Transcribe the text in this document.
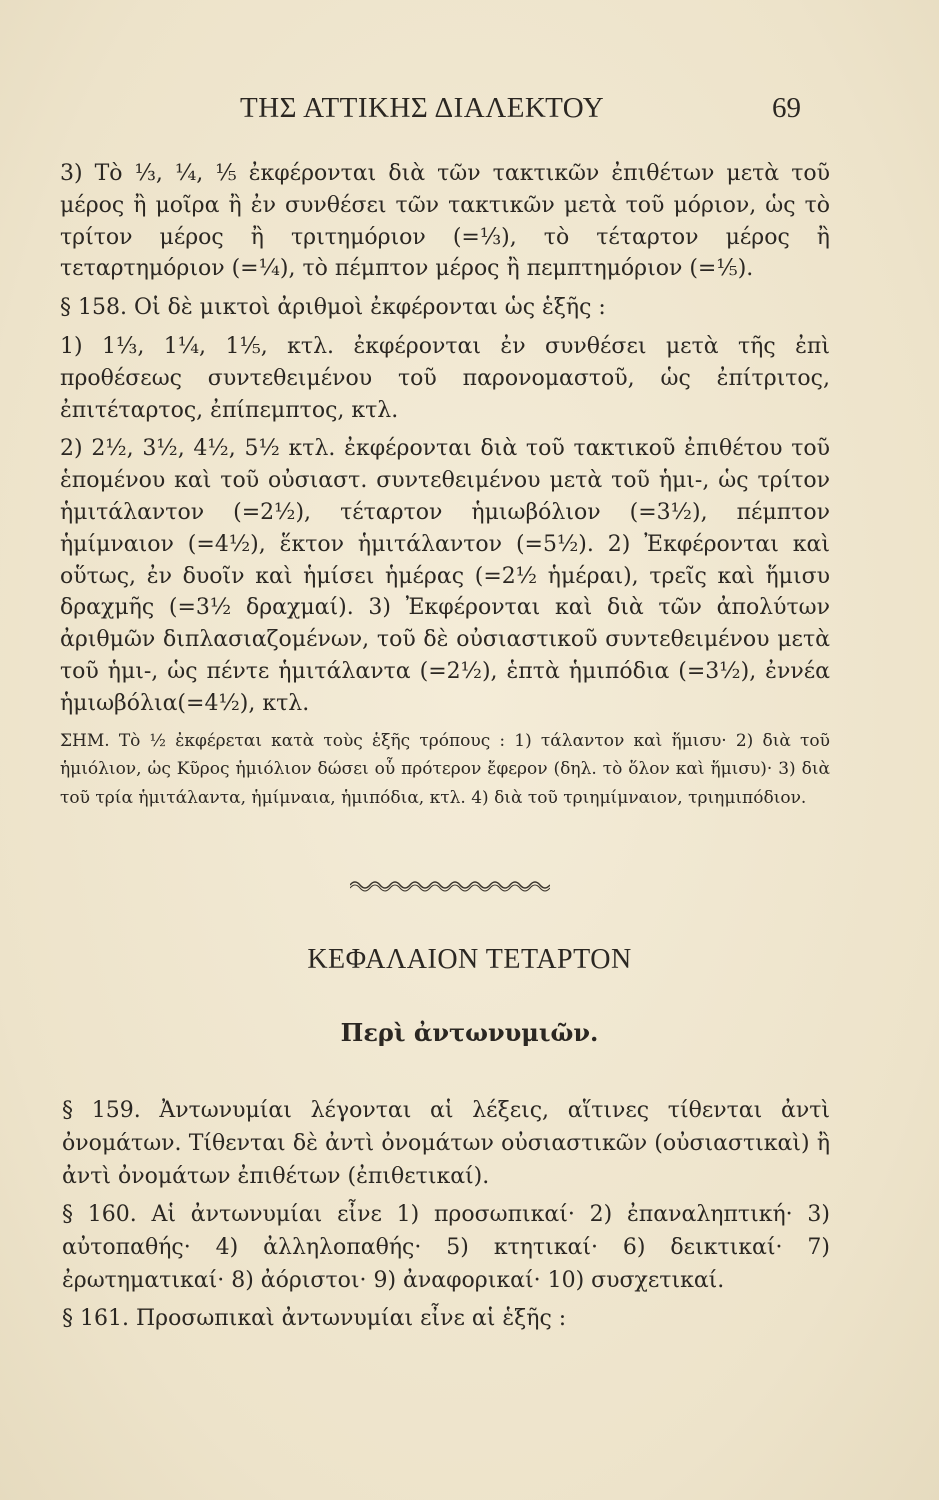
ΤΗΣ ΑΤΤΙΚΗΣ ΔΙΑΛΕΚΤΟΥ	69

3) Τὸ ⅓, ¼, ⅕ ἐκφέρονται διὰ τῶν τακτικῶν ἐπιθέτων μετὰ τοῦ μέρος ἢ μοῖρα ἢ ἐν συνθέσει τῶν τακτικῶν μετὰ τοῦ μόριον, ὡς τὸ τρίτον μέρος ἢ τριτημόριον (=⅓), τὸ τέταρτον μέρος ἢ τεταρτημόριον (=¼), τὸ πέμπτον μέρος ἢ πεμπτημόριον (=⅕).

§ 158. Οἱ δὲ μικτοὶ ἀριθμοὶ ἐκφέρονται ὡς ἑξῆς :

1) 1⅓, 1¼, 1⅕, κτλ. ἐκφέρονται ἐν συνθέσει μετὰ τῆς ἐπὶ προθέσεως συντεθειμένου τοῦ παρονομαστοῦ, ὡς ἐπίτριτος, ἐπιτέταρτος, ἐπίπεμπτος, κτλ.

2) 2½, 3½, 4½, 5½ κτλ. ἐκφέρονται διὰ τοῦ τακτικοῦ ἐπιθέτου τοῦ ἑπομένου καὶ τοῦ οὐσιαστ. συντεθειμένου μετὰ τοῦ ἡμι-, ὡς τρίτον ἡμιτάλαντον (=2½), τέταρτον ἡμιωβόλιον (=3½), πέμπτον ἡμίμναιον (=4½), ἕκτον ἡμιτάλαντον (=5½). 2) Ἐκφέρονται καὶ οὕτως, ἐν δυοῖν καὶ ἡμίσει ἡμέρας (=2½ ἡμέραι), τρεῖς καὶ ἥμισυ δραχμῆς (=3½ δραχμαί). 3) Ἐκφέρονται καὶ διὰ τῶν ἀπολύτων ἀριθμῶν διπλασιαζομένων, τοῦ δὲ οὐσιαστικοῦ συντεθειμένου μετὰ τοῦ ἡμι-, ὡς πέντε ἡμιτάλαντα (=2½), ἑπτὰ ἡμιπόδια (=3½), ἐννέα ἡμιωβόλια(=4½), κτλ.

ΣΗΜ. Τὸ ½ ἐκφέρεται κατὰ τοὺς ἑξῆς τρόπους : 1) τάλαντον καὶ ἥμισυ· 2) διὰ τοῦ ἡμιόλιον, ὡς Κῦρος ἡμιόλιον δώσει οὗ πρότερον ἔφερον (δηλ. τὸ ὅλον καὶ ἥμισυ)· 3) διὰ τοῦ τρία ἡμιτάλαντα, ἡμίμναια, ἡμιπόδια, κτλ. 4) διὰ τοῦ τριημίμναιον, τριημιπόδιον.

ΚΕΦΑΛΑΙΟΝ ΤΕΤΑΡΤΟΝ
Περὶ ἀντωνυμιῶν.

§ 159. Ἀντωνυμίαι λέγονται αἱ λέξεις, αἵτινες τίθενται ἀντὶ ὀνομάτων. Τίθενται δὲ ἀντὶ ὀνομάτων οὐσιαστικῶν (οὐσιαστικαὶ) ἢ ἀντὶ ὀνομάτων ἐπιθέτων (ἐπιθετικαί).

§ 160. Αἱ ἀντωνυμίαι εἶνε 1) προσωπικαί· 2) ἐπαναληπτική· 3) αὐτοπαθής· 4) ἀλληλοπαθής· 5) κτητικαί· 6) δεικτικαί· 7) ἐρωτηματικαί· 8) ἀόριστοι· 9) ἀναφορικαί· 10) συσχετικαί.

§ 161. Προσωπικαὶ ἀντωνυμίαι εἶνε αἱ ἑξῆς :
